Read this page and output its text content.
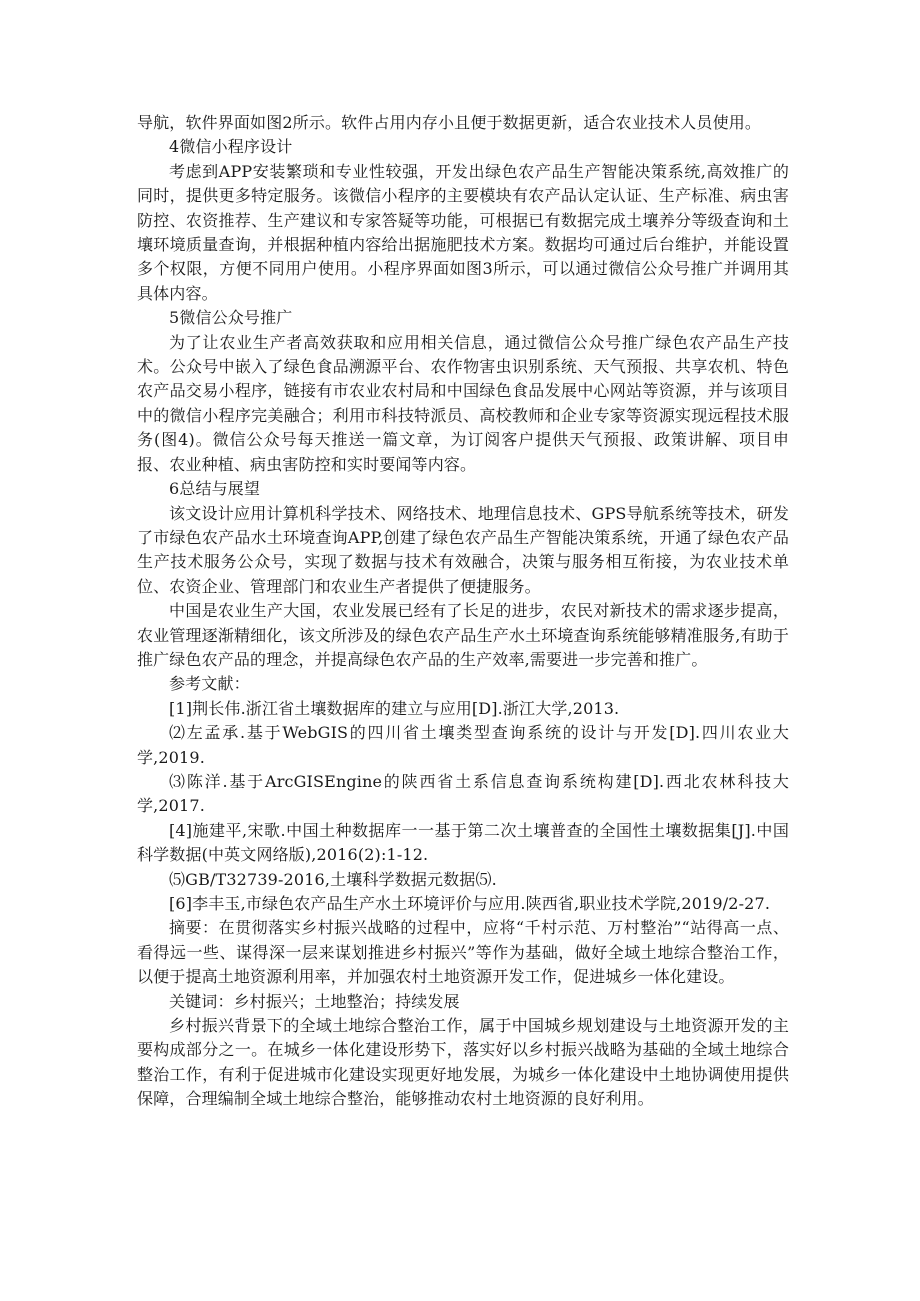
导航，软件界面如图2所示。软件占用内存小且便于数据更新，适合农业技术人员使用。

4微信小程序设计

考虑到APP安装繁琐和专业性较强，开发出绿色农产品生产智能决策系统,高效推广的同时，提供更多特定服务。该微信小程序的主要模块有农产品认定认证、生产标准、病虫害防控、农资推荐、生产建议和专家答疑等功能，可根据已有数据完成土壤养分等级查询和土壤环境质量查询，并根据种植内容给出据施肥技术方案。数据均可通过后台维护，并能设置多个权限，方便不同用户使用。小程序界面如图3所示，可以通过微信公众号推广并调用其具体内容。

5微信公众号推广

为了让农业生产者高效获取和应用相关信息，通过微信公众号推广绿色农产品生产技术。公众号中嵌入了绿色食品溯源平台、农作物害虫识别系统、天气预报、共享农机、特色农产品交易小程序，链接有市农业农村局和中国绿色食品发展中心网站等资源，并与该项目中的微信小程序完美融合；利用市科技特派员、高校教师和企业专家等资源实现远程技术服务(图4)。微信公众号每天推送一篇文章，为订阅客户提供天气预报、政策讲解、项目申报、农业种植、病虫害防控和实时要闻等内容。

6总结与展望

该文设计应用计算机科学技术、网络技术、地理信息技术、GPS导航系统等技术，研发了市绿色农产品水土环境查询APP,创建了绿色农产品生产智能决策系统，开通了绿色农产品生产技术服务公众号，实现了数据与技术有效融合，决策与服务相互衔接，为农业技术单位、农资企业、管理部门和农业生产者提供了便捷服务。

中国是农业生产大国，农业发展已经有了长足的进步，农民对新技术的需求逐步提高，农业管理逐渐精细化，该文所涉及的绿色农产品生产水土环境查询系统能够精准服务,有助于推广绿色农产品的理念，并提高绿色农产品的生产效率,需要进一步完善和推广。

参考文献：

[1]荆长伟.浙江省土壤数据库的建立与应用[D].浙江大学,2013.

⑵左孟承.基于WebGIS的四川省土壤类型查询系统的设计与开发[D].四川农业大学,2019.

⑶陈洋.基于ArcGISEngine的陕西省土系信息查询系统构建[D].西北农林科技大学,2017.

[4]施建平,宋歌.中国土种数据库一一基于第二次土壤普查的全国性土壤数据集[J].中国科学数据(中英文网络版),2016(2):1-12.

⑸GB/T32739-2016,土壤科学数据元数据⑸.

[6]李丰玉,市绿色农产品生产水土环境评价与应用.陕西省,职业技术学院,2019/2-27.

摘要：在贯彻落实乡村振兴战略的过程中，应将“千村示范、万村整治”“站得高一点、看得远一些、谋得深一层来谋划推进乡村振兴”等作为基础，做好全域土地综合整治工作，以便于提高土地资源利用率，并加强农村土地资源开发工作，促进城乡一体化建设。

关键词：乡村振兴；土地整治；持续发展

乡村振兴背景下的全域土地综合整治工作，属于中国城乡规划建设与土地资源开发的主要构成部分之一。在城乡一体化建设形势下，落实好以乡村振兴战略为基础的全域土地综合整治工作，有利于促进城市化建设实现更好地发展，为城乡一体化建设中土地协调使用提供保障，合理编制全域土地综合整治，能够推动农村土地资源的良好利用。
